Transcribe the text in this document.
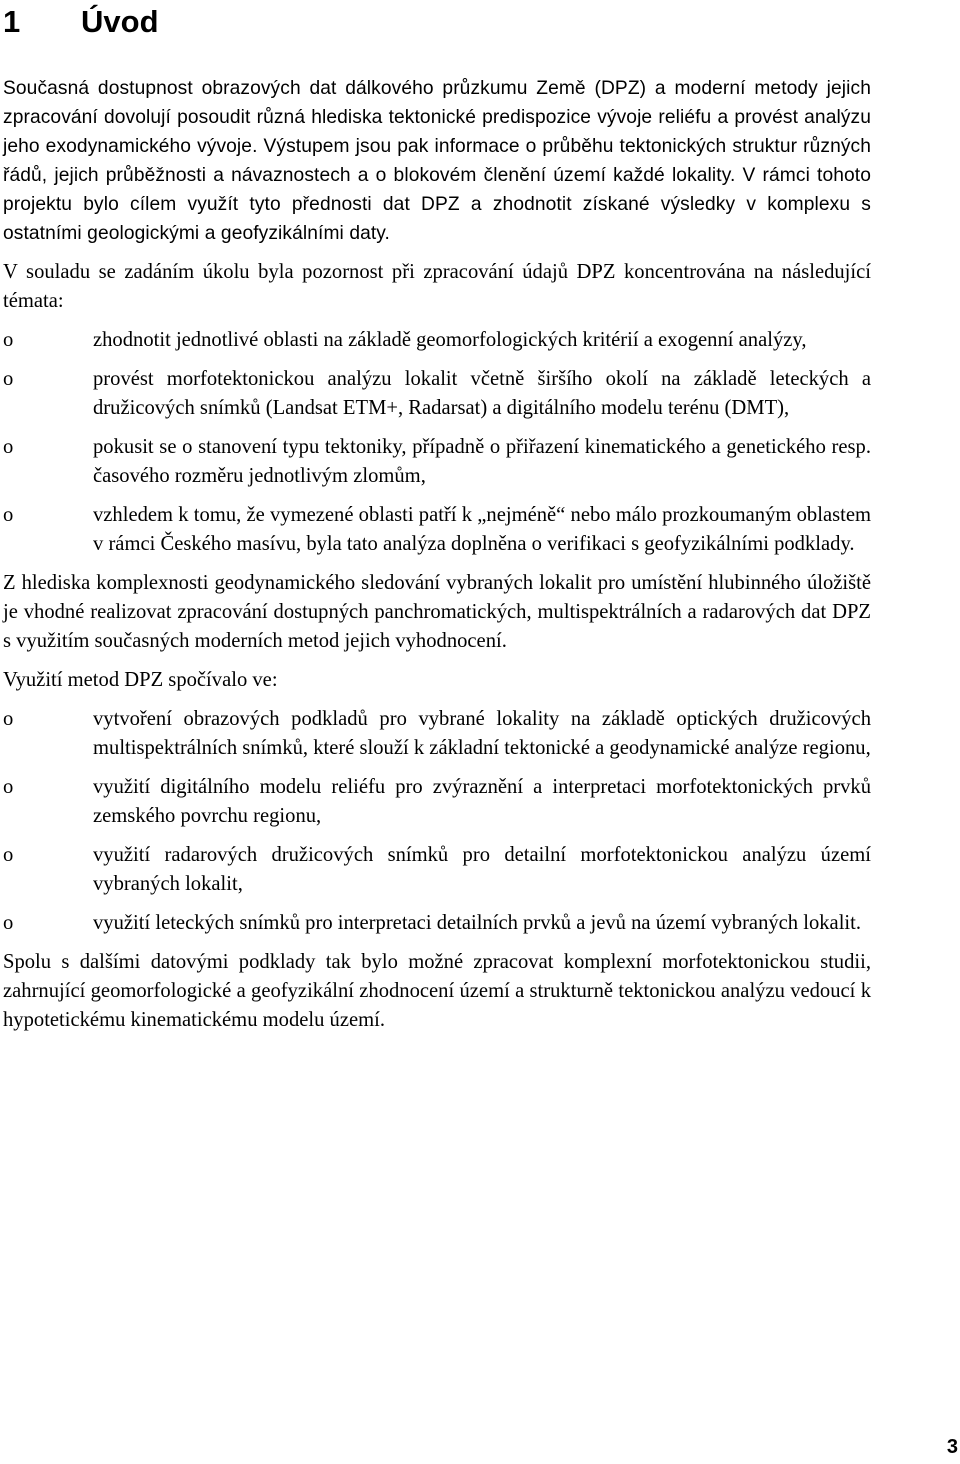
1 Úvod

Současná dostupnost obrazových dat dálkového průzkumu Země (DPZ) a moderní metody jejich zpracování dovolují posoudit různá hlediska tektonické predispozice vývoje reliéfu a provést analýzu jeho exodynamického vývoje. Výstupem jsou pak informace o průběhu tektonických struktur různých řádů, jejich průběžnosti a návaznostech a o blokovém členění území každé lokality. V rámci tohoto projektu bylo cílem využít tyto přednosti dat DPZ a zhodnotit získané výsledky v komplexu s ostatními geologickými a geofyzikálními daty.

V souladu se zadáním úkolu byla pozornost při zpracování údajů DPZ koncentrována na následující témata:

o	zhodnotit jednotlivé oblasti na základě geomorfologických kritérií a exogenní analýzy,
o	provést morfotektonickou analýzu lokalit včetně širšího okolí na základě leteckých a družicových snímků (Landsat ETM+, Radarsat) a digitálního modelu terénu (DMT),
o	pokusit se o stanovení typu tektoniky, případně o přiřazení kinematického a genetického resp. časového rozměru jednotlivým zlomům,
o	vzhledem k tomu, že vymezené oblasti patří k „nejméně“ nebo málo prozkoumaným oblastem v rámci Českého masívu, byla tato analýza doplněna o verifikaci s geofyzikálními podklady.

Z hlediska komplexnosti geodynamického sledování vybraných lokalit pro umístění hlubinného úložiště je vhodné realizovat zpracování dostupných panchromatických, multispektrálních a radarových dat DPZ s využitím současných moderních metod jejich vyhodnocení.

Využití metod DPZ spočívalo ve:

o	vytvoření obrazových podkladů pro vybrané lokality na základě optických družicových multispektrálních snímků, které slouží k základní tektonické a geodynamické analýze regionu,
o	využití digitálního modelu reliéfu pro zvýraznění a interpretaci morfotektonických prvků zemského povrchu regionu,
o	využití radarových družicových snímků pro detailní morfotektonickou analýzu území vybraných lokalit,
o	využití leteckých snímků pro interpretaci detailních prvků a jevů na území vybraných lokalit.

Spolu s dalšími datovými podklady tak bylo možné zpracovat komplexní morfotektonickou studii, zahrnující geomorfologické a geofyzikální zhodnocení území a strukturně tektonickou analýzu vedoucí k hypotetickému kinematickému modelu území.

3
